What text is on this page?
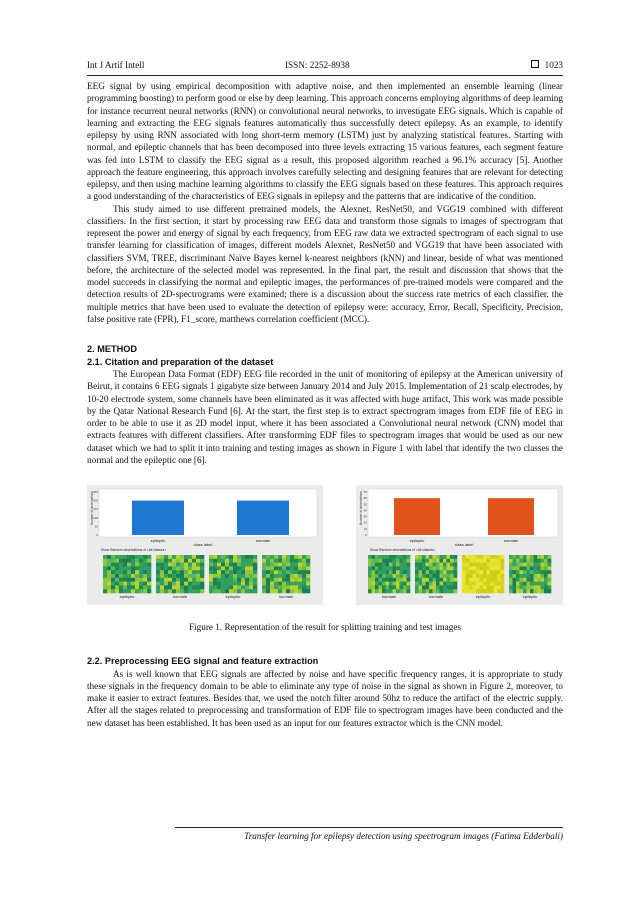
Int J Artif Intell	ISSN: 2252-8938	1023

EEG signal by using empirical decomposition with adaptive noise, and then implemented an ensemble learning (linear programming boosting) to perform good or else by deep learning. This approach concerns employing algorithms of deep learning for instance recurrent neural networks (RNN) or convolutional neural networks, to investigate EEG signals. Which is capable of learning and extracting the EEG signals features automatically thus successfully detect epilepsy. As an example, to identify epilepsy by using RNN associated with long short-term memory (LSTM) just by analyzing statistical features. Starting with normal, and epileptic channels that has been decomposed into three levels extracting 15 various features, each segment feature was fed into LSTM to classify the EEG signal as a result, this proposed algorithm reached a 96.1% accuracy [5]. Another approach the feature engineering, this approach involves carefully selecting and designing features that are relevant for detecting epilepsy, and then using machine learning algorithms to classify the EEG signals based on these features. This approach requires a good understanding of the characteristics of EEG signals in epilepsy and the patterns that are indicative of the condition.

This study aimed to use different pretrained models, the Alexnet, ResNet50, and VGG19 combined with different classifiers. In the first section, it start by processing raw EEG data and transform those signals to images of spectrogram that represent the power and energy of signal by each frequency, from EEG raw data we extracted spectrogram of each signal to use transfer learning for classification of images, different models Alexnet, ResNet50 and VGG19 that have been associated with classifiers SVM, TREE, discriminant Naïve Bayes kernel k-nearest neighbors (kNN) and linear, beside of what was mentioned before, the architecture of the selected model was represented. In the final part, the result and discussion that shows that the model succeeds in classifying the normal and epileptic images, the performances of pre-trained models were compared and the detection results of 2D-spectrograms were examined; there is a discussion about the success rate metrics of each classifier. the multiple metrics that have been used to evaluate the detection of epilepsy were: accuracy, Error, Recall, Specificity, Precision, false positive rate (FPR), F1_score, matthews correlation coefficient (MCC).

2. METHOD
2.1. Citation and preparation of the dataset

The European Data Format (EDF) EEG file recorded in the unit of monitoring of epilepsy at the American university of Beirut, it contains 6 EEG signals 1 gigabyte size between January 2014 and July 2015. Implementation of 21 scalp electrodes, by 10-20 electrode system, some channels have been eliminated as it was affected with huge artifact, This work was made possible by the Qatar National Research Fund [6]. At the start, the first step is to extract spectrogram images from EDF file of EEG in order to be able to use it as 2D model input, where it has been associated a Convolutional neural network (CNN) model that extracts features with different classifiers. After transforming EDF files to spectrogram images that would be used as our new dataset which we had to split it into training and testing images as shown in Figure 1 with label that identify the two classes the normal and the epileptic one [6].

Number of observations
250
200
150
100
50
0
epileptic	normale
class label
Show Random observations of <All classes>
epileptic	normale	epileptic	normale
Number of observations 70
60
50
40
30
20
10
0
epileptic	normale
class label
Show Random observations of <All classes>
normale	normale	epileptic	epileptic
Figure 1. Representation of the result for splitting training and test images
2.2. Preprocessing EEG signal and feature extraction

As is well known that EEG signals are affected by noise and have specific frequency ranges, it is appropriate to study these signals in the frequency domain to be able to eliminate any type of noise in the signal as shown in Figure 2, moreover, to make it easier to extract features. Besides that, we used the notch filter around 50hz to reduce the artifact of the electric supply. After all the stages related to preprocessing and transformation of EDF file to spectrogram images have been conducted and the new dataset has been established. It has been used as an input for our features extractor which is the CNN model.

Transfer learning for epilepsy detection using spectrogram images (Fatima Edderbali)
